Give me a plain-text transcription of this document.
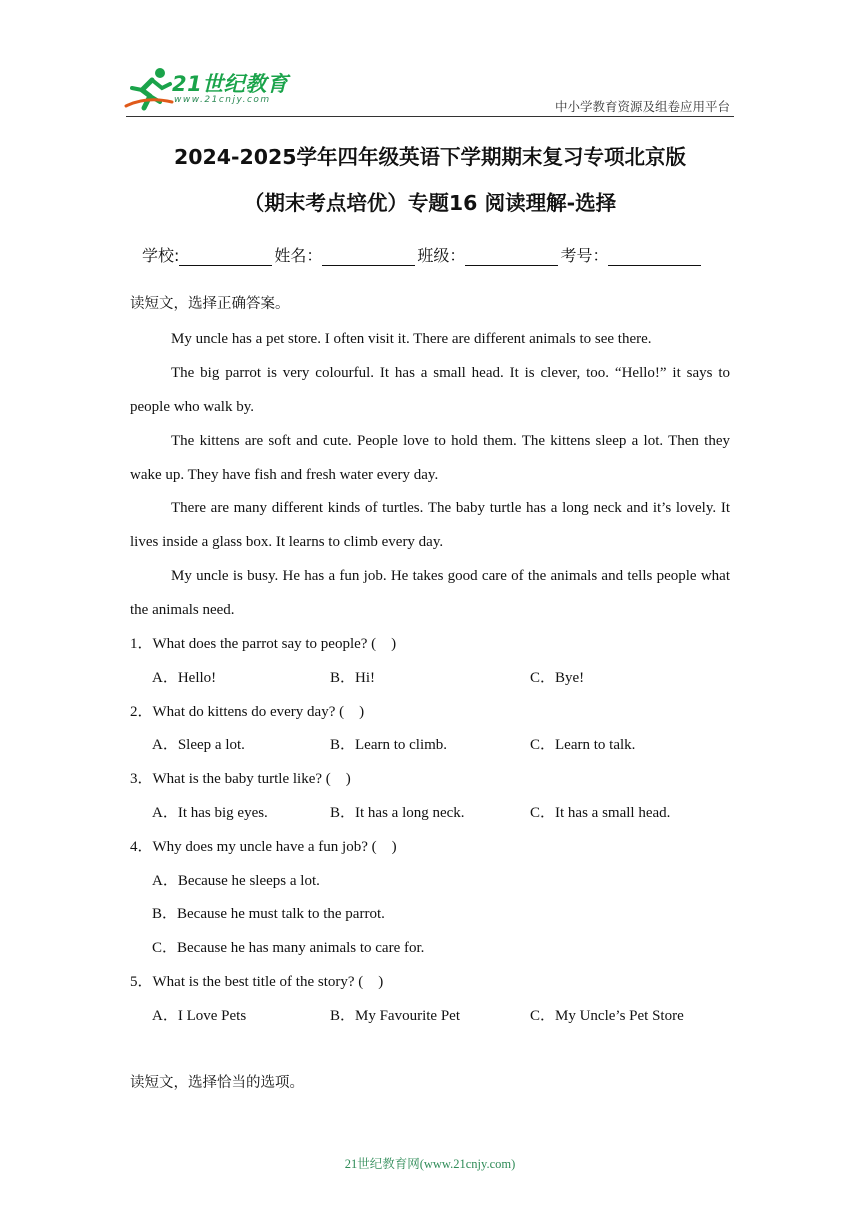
21世纪教育
www.21cnjy.com	中小学教育资源及组卷应用平台
2024-2025学年四年级英语下学期期末复习专项北京版
（期末考点培优）专题16 阅读理解-选择
学校:	姓名：	班级：	考号：
读短文，选择正确答案。
My uncle has a pet store. I often visit it. There are different animals to see there.
The big parrot is very colourful. It has a small head. It is clever, too. “Hello!” it says to
people who walk by.
The kittens are soft and cute. People love to hold them. The kittens sleep a lot. Then they
wake up. They have fish and fresh water every day.
There are many different kinds of turtles. The baby turtle has a long neck and it’s lovely. It
lives inside a glass box. It learns to climb every day.
My uncle is busy. He has a fun job. He takes good care of the animals and tells people what
the animals need.
1．What does the parrot say to people? (　)
A．Hello!	B．Hi!	C．Bye!
2．What do kittens do every day? (　)
A．Sleep a lot.	B．Learn to climb.	C．Learn to talk.
3．What is the baby turtle like? (　)
A．It has big eyes.	B．It has a long neck.	C．It has a small head.
4．Why does my uncle have a fun job? (　)
A．Because he sleeps a lot.
B．Because he must talk to the parrot.
C．Because he has many animals to care for.
5．What is the best title of the story? (　)
A．I Love Pets	B．My Favourite Pet	C．My Uncle’s Pet Store
读短文，选择恰当的选项。
21世纪教育网(www.21cnjy.com)
